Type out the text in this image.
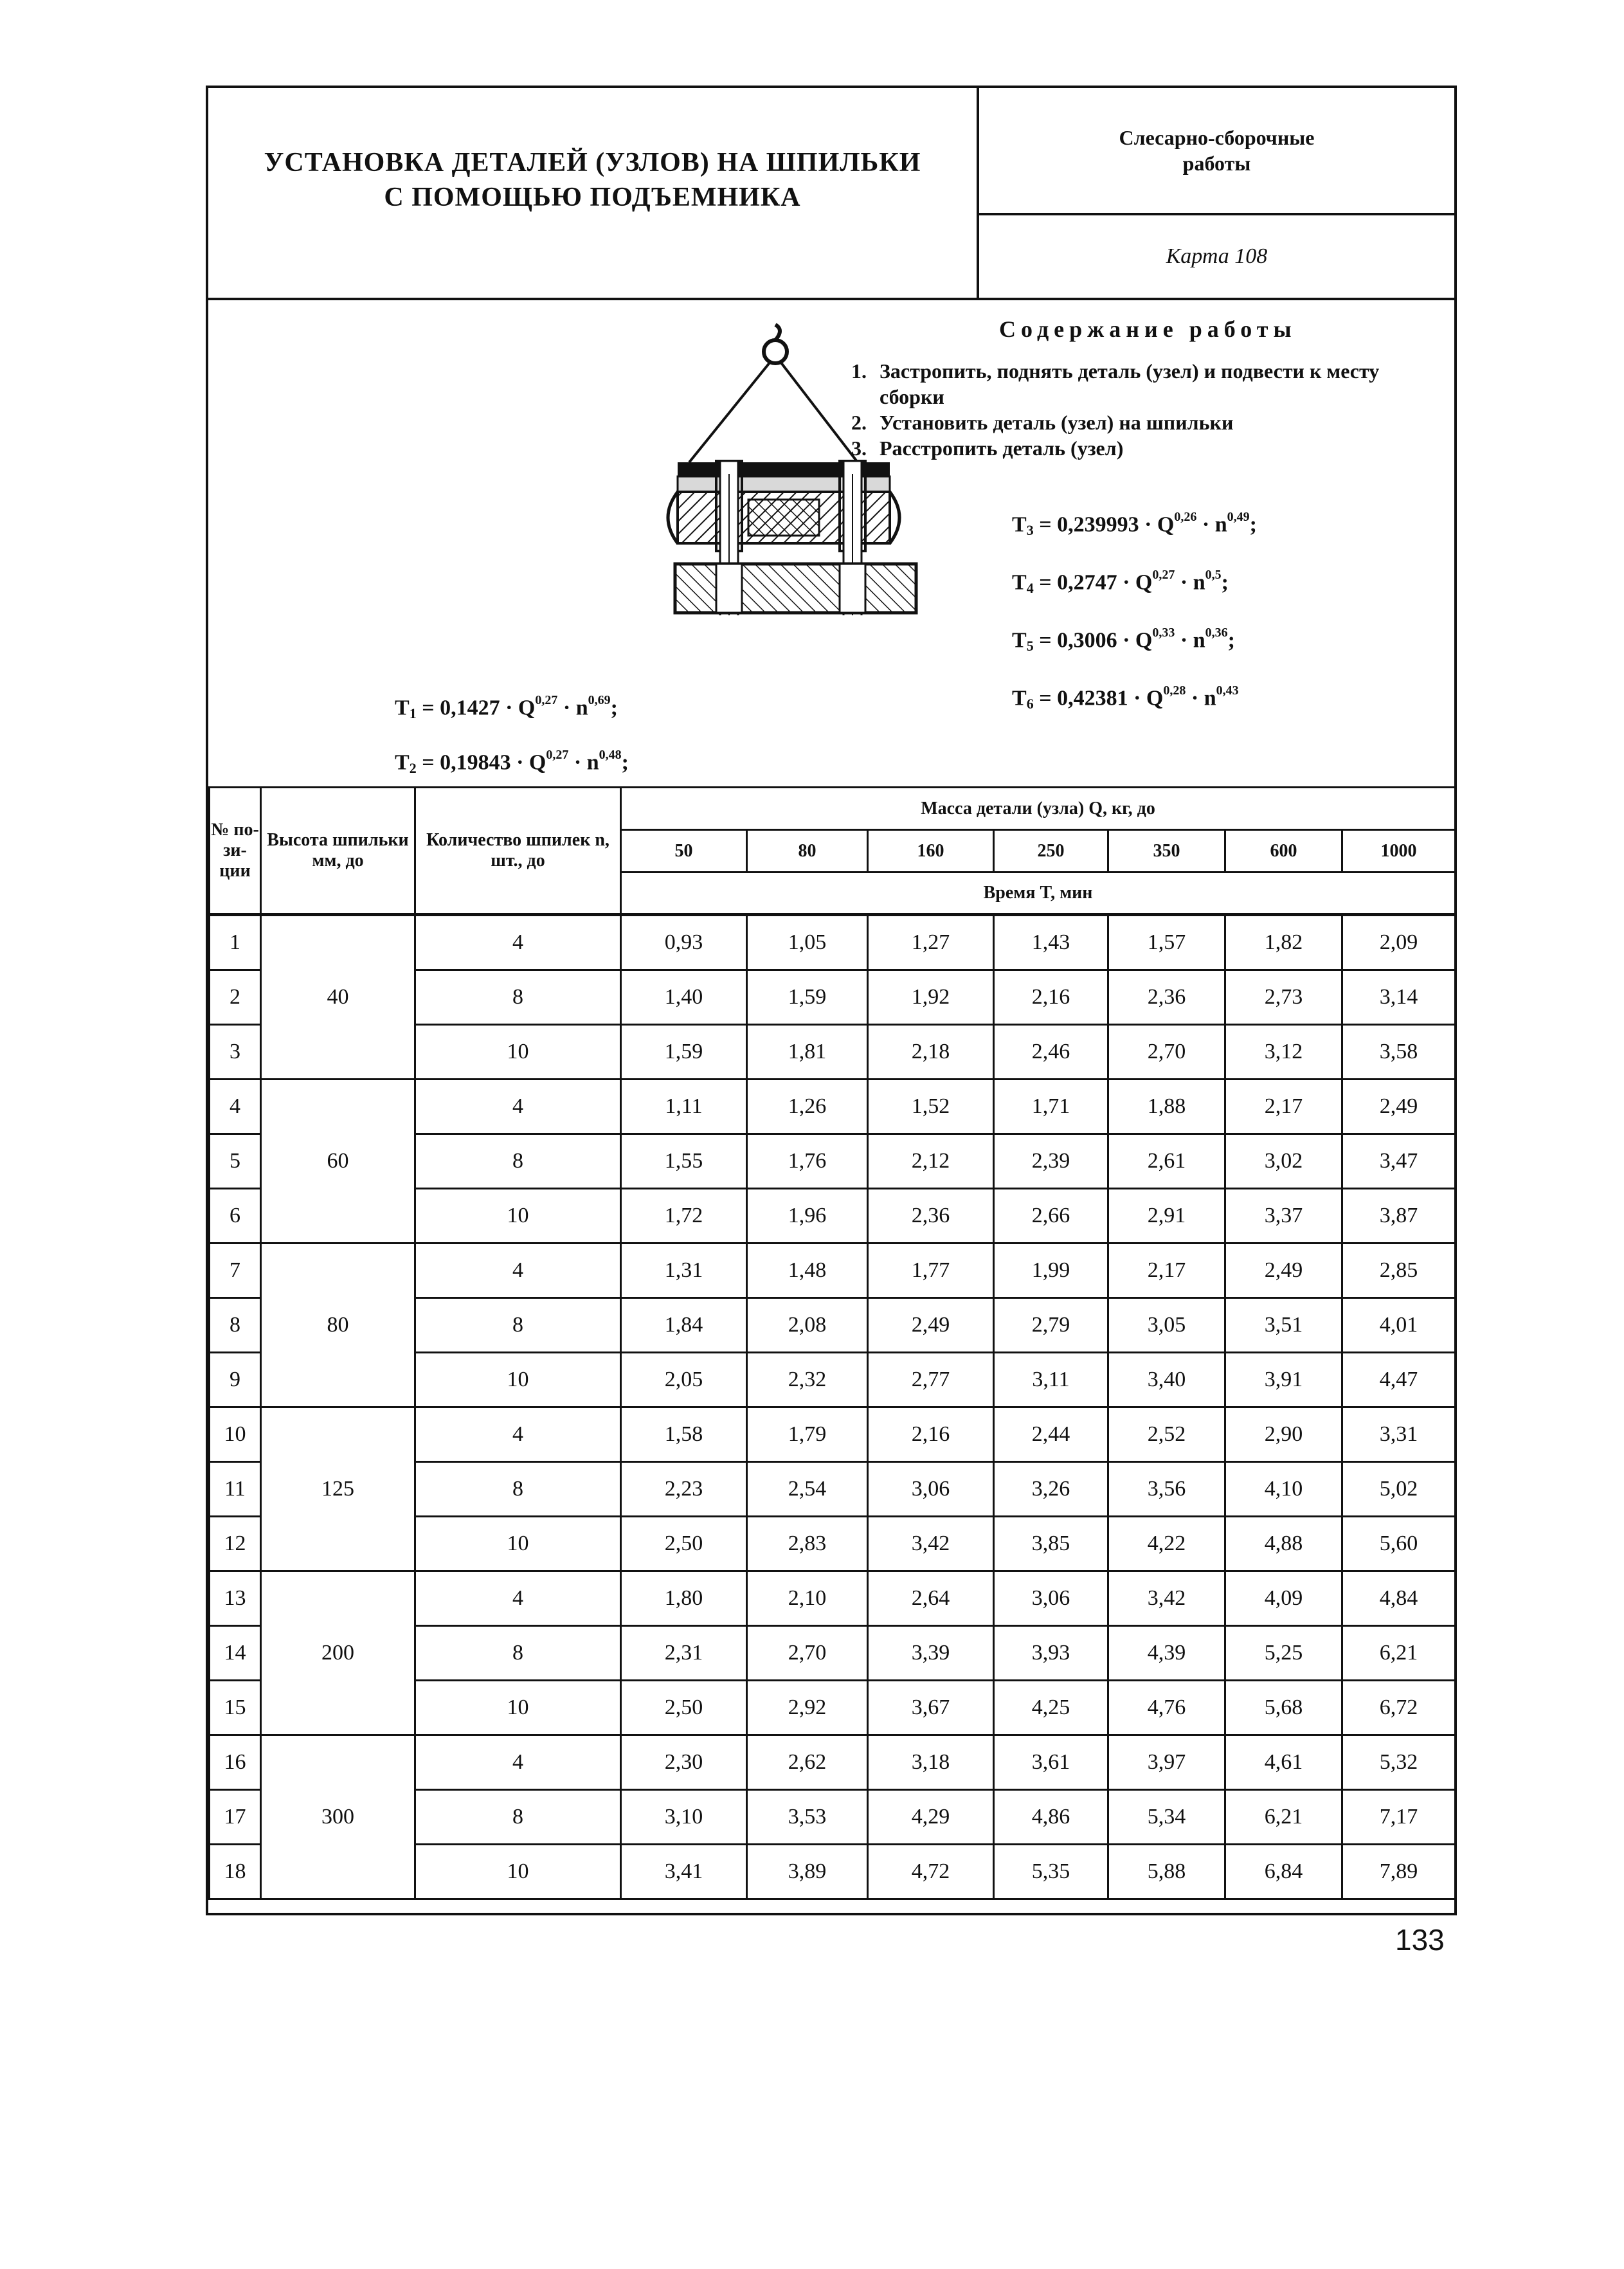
УСТАНОВКА ДЕТАЛЕЙ (УЗЛОВ) НА ШПИЛЬКИ
С ПОМОЩЬЮ ПОДЪЕМНИКА
Слесарно-сборочные
работы
Карта 108
$T1 = 0,1427 \cdot Q^{0,27} \cdot n^{0,69}$;
$T2 = 0,19843 \cdot Q^{0,27} \cdot n^{0,48}$;
Содержание работы
1. Застропить, поднять деталь (узел) и подвести к месту сборки
2. Установить деталь (узел) на шпильки
3. Расстропить деталь (узел)
$T3 = 0,239993 \cdot Q^{0,26} \cdot n^{0,49}$;
$T4 = 0,2747 \cdot Q^{0,27} \cdot n^{0,5}$;
$T5 = 0,3006 \cdot Q^{0,33} \cdot n^{0,36}$;
$T6 = 0,42381 \cdot Q^{0,28} \cdot n^{0,43}$
№ по-зи-ции	Высота шпильки мм, до	Количество шпилек n, шт., до	Масса детали (узла) Q, кг, до						
			50	80	160	250	350	600	1000
			Время T, мин						
1	40	4	0,93	1,05	1,27	1,43	1,57	1,82	2,09
2		8	1,40	1,59	1,92	2,16	2,36	2,73	3,14
3		10	1,59	1,81	2,18	2,46	2,70	3,12	3,58
4	60	4	1,11	1,26	1,52	1,71	1,88	2,17	2,49
5		8	1,55	1,76	2,12	2,39	2,61	3,02	3,47
6		10	1,72	1,96	2,36	2,66	2,91	3,37	3,87
7	80	4	1,31	1,48	1,77	1,99	2,17	2,49	2,85
8		8	1,84	2,08	2,49	2,79	3,05	3,51	4,01
9		10	2,05	2,32	2,77	3,11	3,40	3,91	4,47
10	125	4	1,58	1,79	2,16	2,44	2,52	2,90	3,31
11		8	2,23	2,54	3,06	3,26	3,56	4,10	5,02
12		10	2,50	2,83	3,42	3,85	4,22	4,88	5,60
13	200	4	1,80	2,10	2,64	3,06	3,42	4,09	4,84
14		8	2,31	2,70	3,39	3,93	4,39	5,25	6,21
15		10	2,50	2,92	3,67	4,25	4,76	5,68	6,72
16	300	4	2,30	2,62	3,18	3,61	3,97	4,61	5,32
17		8	3,10	3,53	4,29	4,86	5,34	6,21	7,17
18		10	3,41	3,89	4,72	5,35	5,88	6,84	7,89
133
